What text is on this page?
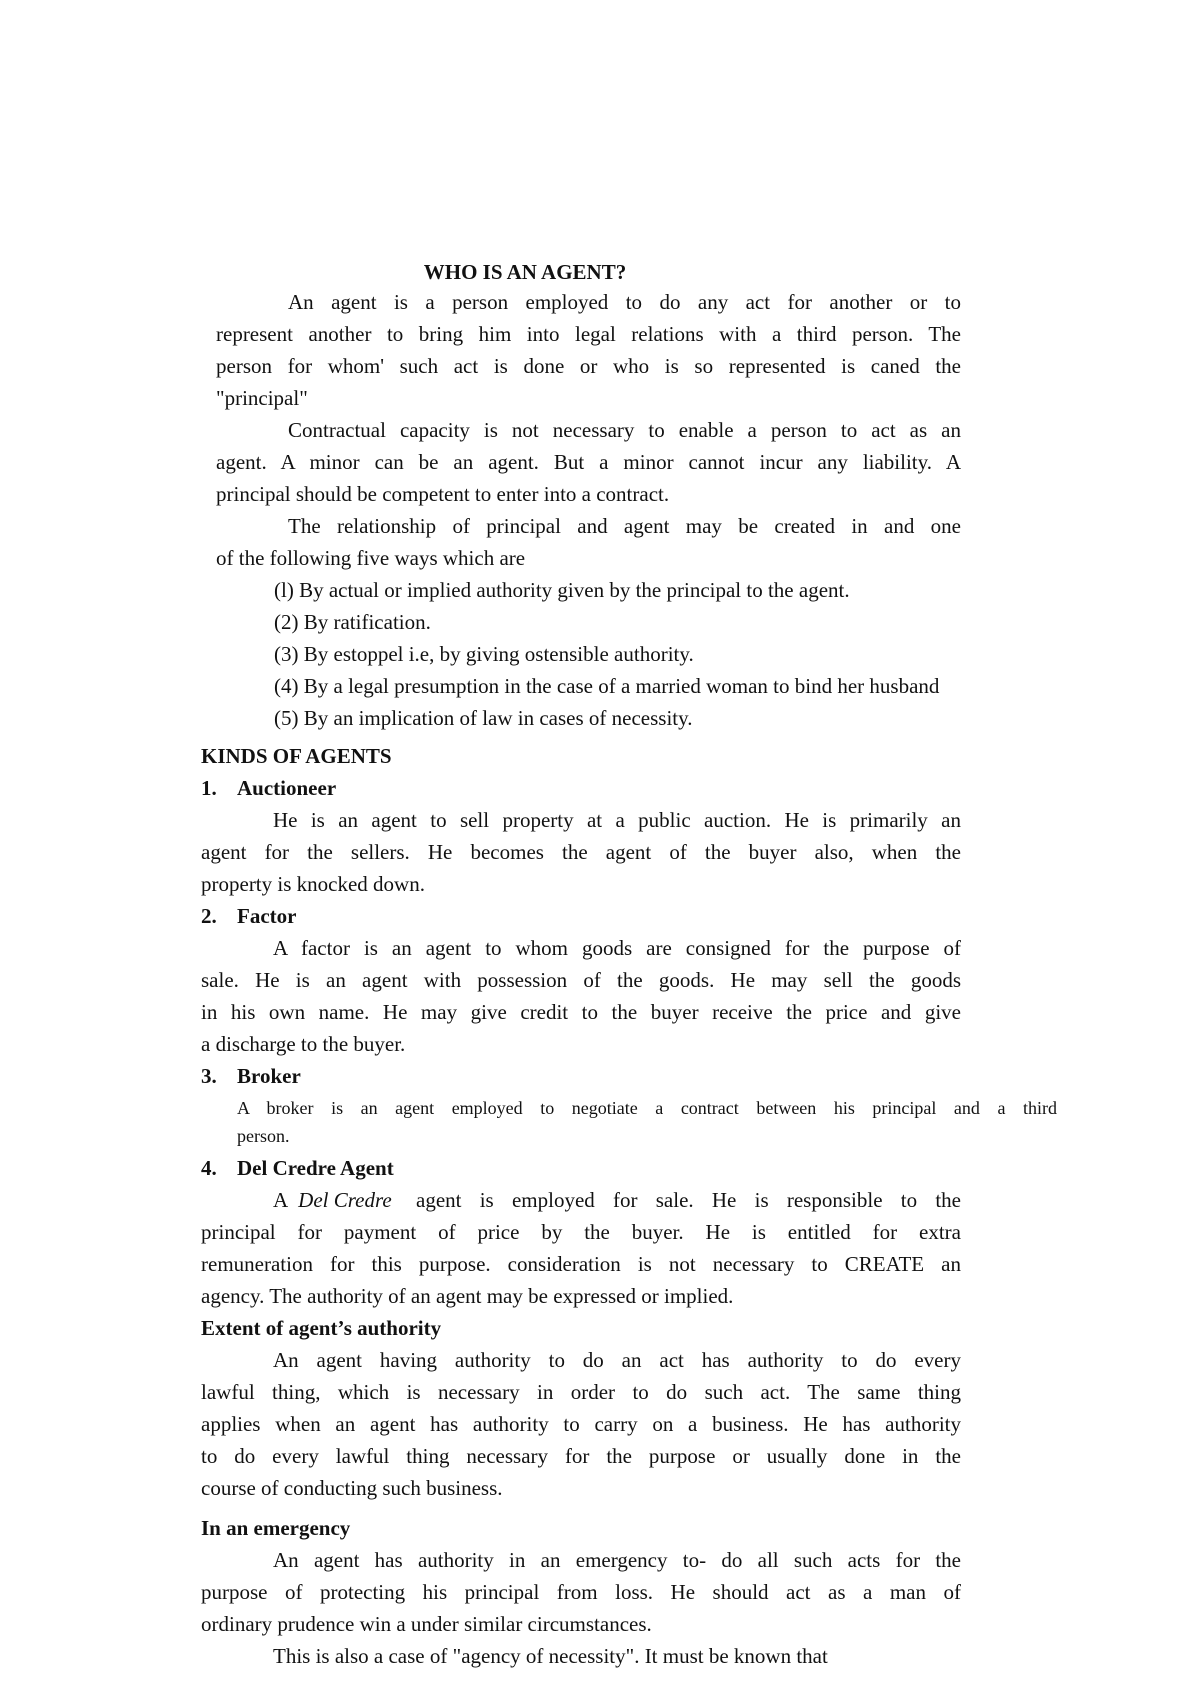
WHO IS AN AGENT?
An agent is a person employed to do any act for another or to
represent another to bring him into legal relations with a third person. The
person for whom' such act is done or who is so represented is caned the
"principal"
Contractual capacity is not necessary to enable a person to act as an
agent. A minor can be an agent. But a minor cannot incur any liability. A
principal should be competent to enter into a contract.
The relationship of principal and agent may be created in and one
of the following five ways which are
(l) By actual or implied authority given by the principal to the agent.
(2) By ratification.
(3) By estoppel i.e, by giving ostensible authority.
(4) By a legal presumption in the case of a married woman to bind her husband
(5) By an implication of law in cases of necessity.
KINDS OF AGENTS
1. Auctioneer
He is an agent to sell property at a public auction. He is primarily an
agent for the sellers. He becomes the agent of the buyer also, when the
property is knocked down.
2. Factor
A factor is an agent to whom goods are consigned for the purpose of
sale. He is an agent with possession of the goods. He may sell the goods
in his own name. He may give credit to the buyer receive the price and give
a discharge to the buyer.
3. Broker
A broker is an agent employed to negotiate a contract between his principal and a third
person.
4. Del Credre Agent
A Del Credre agent is employed for sale. He is responsible to the
principal for payment of price by the buyer. He is entitled for extra
remuneration for this purpose. consideration is not necessary to CREATE an
agency. The authority of an agent may be expressed or implied.
Extent of agent’s authority
An agent having authority to do an act has authority to do every
lawful thing, which is necessary in order to do such act. The same thing
applies when an agent has authority to carry on a business. He has authority
to do every lawful thing necessary for the purpose or usually done in the
course of conducting such business.
In an emergency
An agent has authority in an emergency to- do all such acts for the
purpose of protecting his principal from loss. He should act as a man of
ordinary prudence win a under similar circumstances.
This is also a case of "agency of necessity". It must be known that
